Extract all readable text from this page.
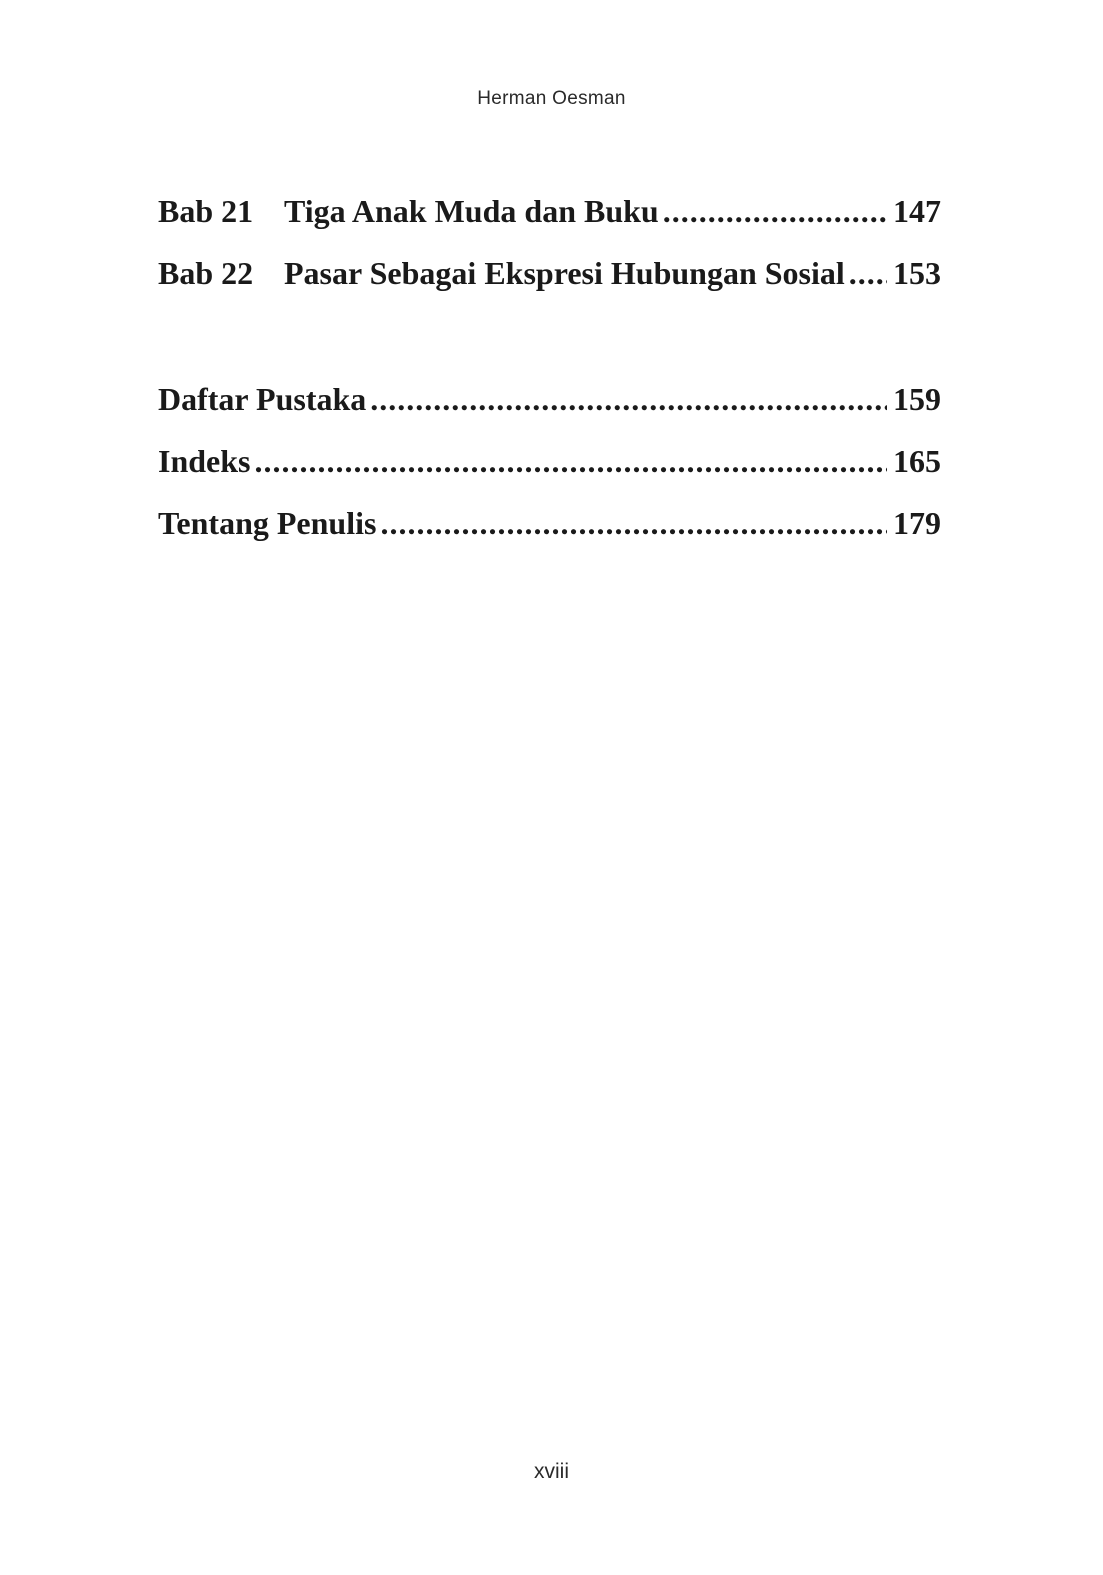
Herman Oesman
Bab 21 Tiga Anak Muda dan Buku .....	147
Bab 22 Pasar Sebagai Ekspresi Hubungan Sosial ..... 153
Daftar Pustaka .....	159
Indeks .....	165
Tentang Penulis .....	179
xviii
